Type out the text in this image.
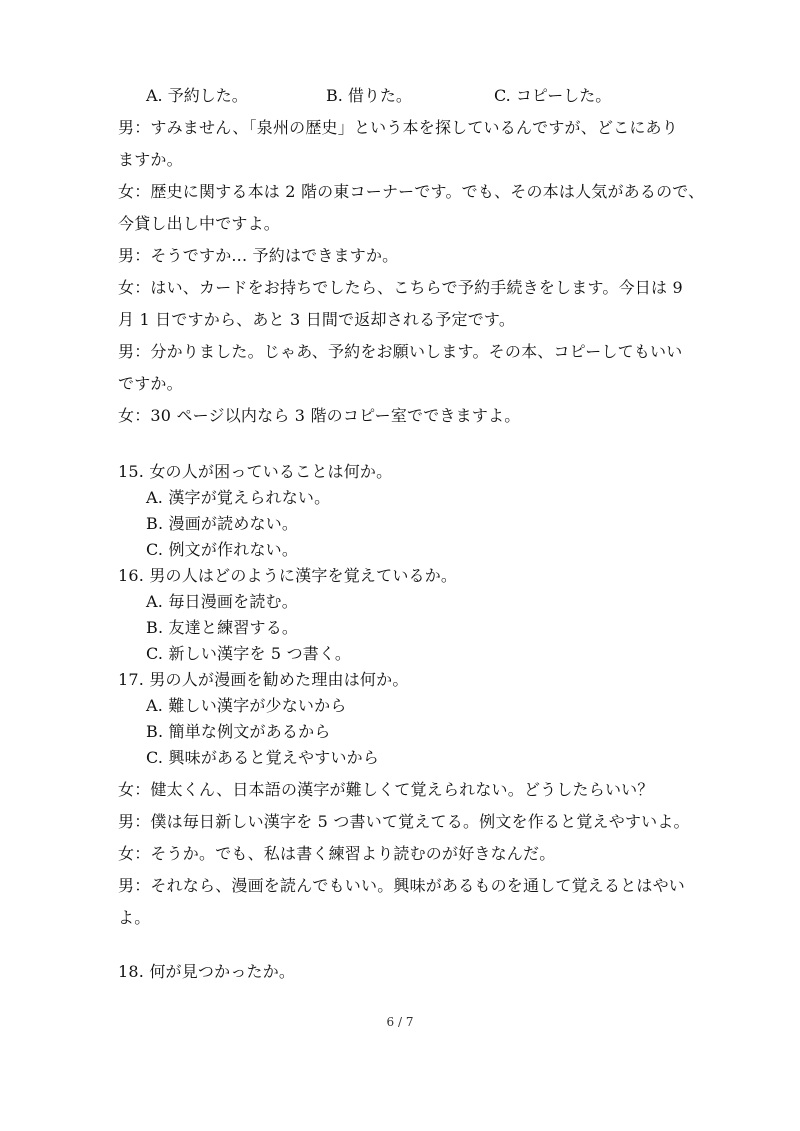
A. 予約した。	B. 借りた。	C. コピーした。
男：すみません、「泉州の歴史」という本を探しているんですが、どこにあり
ますか。
女：歴史に関する本は 2 階の東コーナーです。でも、その本は人気があるので、
今貸し出し中ですよ。
男：そうですか... 予約はできますか。
女：はい、カードをお持ちでしたら、こちらで予約手続きをします。今日は 9
月 1 日ですから、あと 3 日間で返却される予定です。
男：分かりました。じゃあ、予約をお願いします。その本、コピーしてもいい
ですか。
女：30 ページ以内なら 3 階のコピー室でできますよ。
15. 女の人が困っていることは何か。
A. 漢字が覚えられない。
B. 漫画が読めない。
C. 例文が作れない。
16. 男の人はどのように漢字を覚えているか。
A. 毎日漫画を読む。
B. 友達と練習する。
C. 新しい漢字を 5 つ書く。
17. 男の人が漫画を勧めた理由は何か。
A. 難しい漢字が少ないから
B. 簡単な例文があるから
C. 興味があると覚えやすいから
女：健太くん、日本語の漢字が難しくて覚えられない。どうしたらいい？
男：僕は毎日新しい漢字を 5 つ書いて覚えてる。例文を作ると覚えやすいよ。
女：そうか。でも、私は書く練習より読むのが好きなんだ。
男：それなら、漫画を読んでもいい。興味があるものを通して覚えるとはやい
よ。
18. 何が見つかったか。
6 / 7
